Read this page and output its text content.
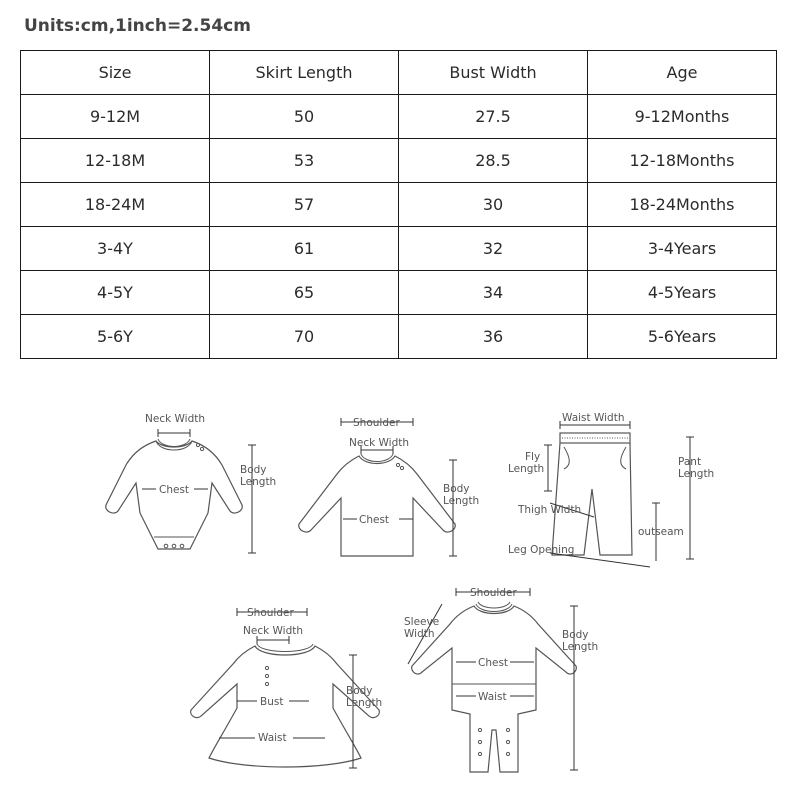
Units:cm,1inch=2.54cm
Size	Skirt Length	Bust Width	Age
9-12M	50	27.5	9-12Months
12-18M	53	28.5	12-18Months
18-24M	57	30	18-24Months
3-4Y	61	32	3-4Years
4-5Y	65	34	4-5Years
5-6Y	70	36	5-6Years
Neck Width
Chest
Body
Length
Shoulder
Neck Width
Chest
Body
Length
Waist Width
Fly
Length
Pant
Length
Thigh Width
outseam
Leg Opening
Shoulder
Neck Width
Bust
Waist
Body
Length
Shoulder
Sleeve
Width
Chest
Waist
Body
Length
